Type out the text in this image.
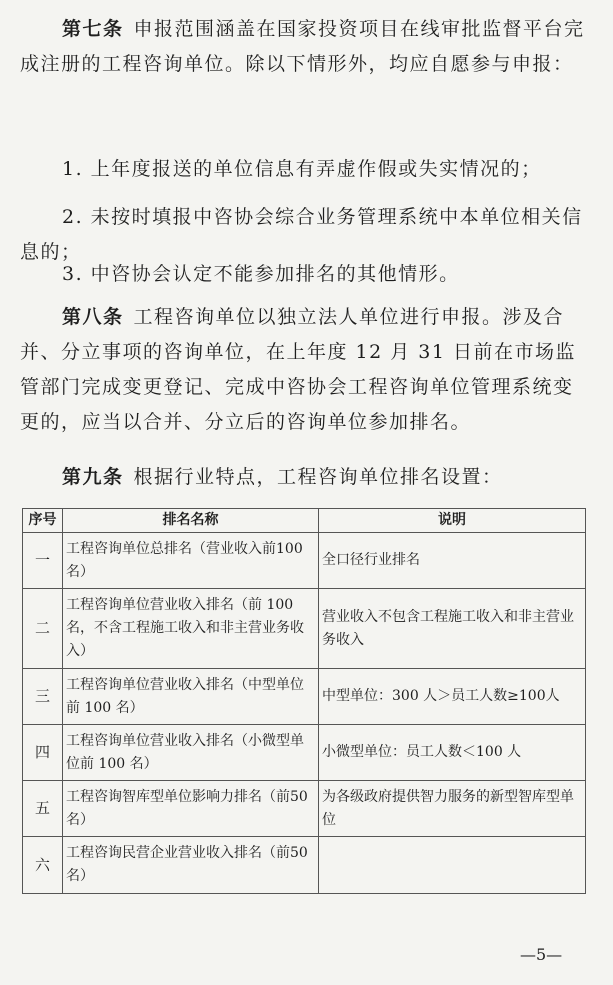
第七条 申报范围涵盖在国家投资项目在线审批监督平台完成注册的工程咨询单位。除以下情形外，均应自愿参与申报：

1. 上年度报送的单位信息有弄虚作假或失实情况的；

2. 未按时填报中咨协会综合业务管理系统中本单位相关信息的；

3. 中咨协会认定不能参加排名的其他情形。

第八条 工程咨询单位以独立法人单位进行申报。涉及合并、分立事项的咨询单位，在上年度 12 月 31 日前在市场监管部门完成变更登记、完成中咨协会工程咨询单位管理系统变更的，应当以合并、分立后的咨询单位参加排名。

第九条 根据行业特点，工程咨询单位排名设置：

序号	排名名称	说明
一	工程咨询单位总排名（营业收入前100 名）	全口径行业排名
二	工程咨询单位营业收入排名（前 100名，不含工程施工收入和非主营业务收入）	营业收入不包含工程施工收入和非主营业务收入
三	工程咨询单位营业收入排名（中型单位前 100 名）	中型单位：300 人＞员工人数≥100人
四	工程咨询单位营业收入排名（小微型单位前 100 名）	小微型单位：员工人数＜100 人
五	工程咨询智库型单位影响力排名（前50 名）	为各级政府提供智力服务的新型智库型单位
六	工程咨询民营企业营业收入排名（前50 名）	
—5—
